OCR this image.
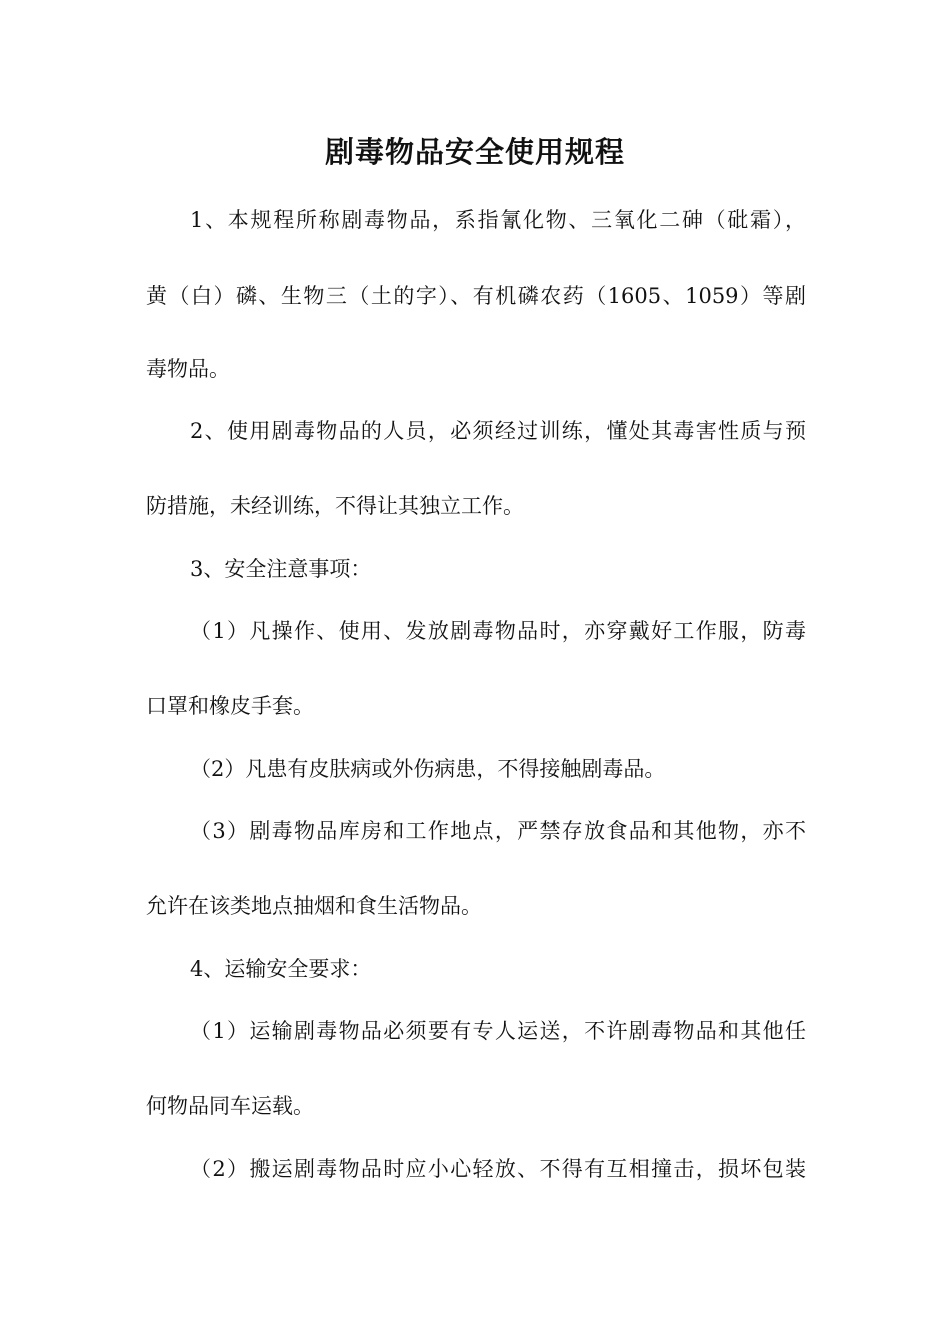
剧毒物品安全使用规程

1、本规程所称剧毒物品，系指氰化物、三氧化二砷（砒霜），

黄（白）磷、生物三（土的字）、有机磷农药（1605、1059）等剧

毒物品。

2、使用剧毒物品的人员，必须经过训练，懂处其毒害性质与预

防措施，未经训练，不得让其独立工作。

3、安全注意事项：

（1）凡操作、使用、发放剧毒物品时，亦穿戴好工作服，防毒

口罩和橡皮手套。

（2）凡患有皮肤病或外伤病患，不得接触剧毒品。

（3）剧毒物品库房和工作地点，严禁存放食品和其他物，亦不

允许在该类地点抽烟和食生活物品。

4、运输安全要求：

（1）运输剧毒物品必须要有专人运送，不许剧毒物品和其他任

何物品同车运载。

（2）搬运剧毒物品时应小心轻放、不得有互相撞击，损坏包装
